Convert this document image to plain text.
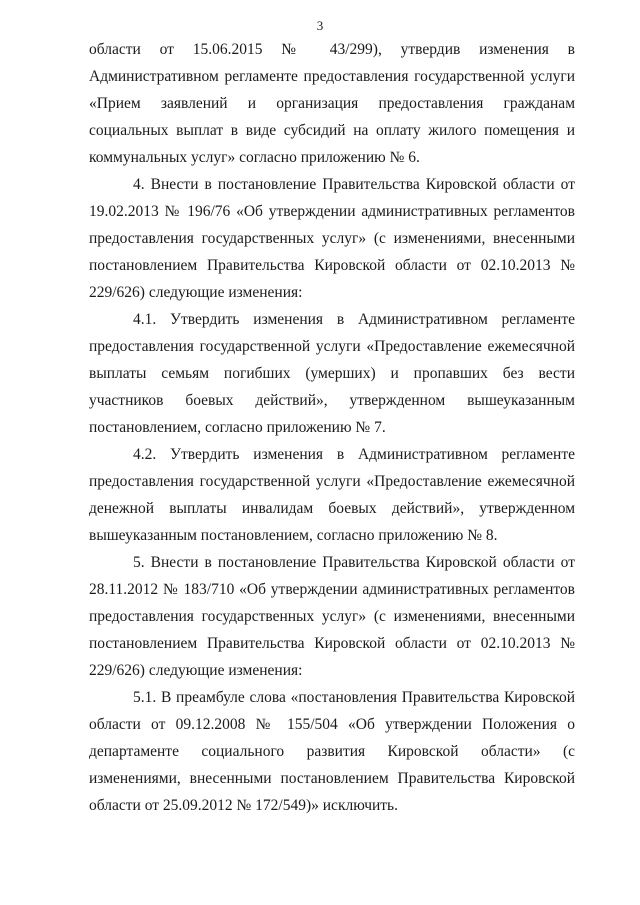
3

области от 15.06.2015 № 43/299), утвердив изменения в Административном регламенте предоставления государственной услуги «Прием заявлений и организация предоставления гражданам социальных выплат в виде субсидий на оплату жилого помещения и коммунальных услуг» согласно приложению № 6.

4. Внести в постановление Правительства Кировской области от 19.02.2013 № 196/76 «Об утверждении административных регламентов предоставления государственных услуг» (с изменениями, внесенными постановлением Правительства Кировской области от 02.10.2013 № 229/626) следующие изменения:

4.1. Утвердить изменения в Административном регламенте предоставления государственной услуги «Предоставление ежемесячной выплаты семьям погибших (умерших) и пропавших без вести участников боевых действий», утвержденном вышеуказанным постановлением, согласно приложению № 7.

4.2. Утвердить изменения в Административном регламенте предоставления государственной услуги «Предоставление ежемесячной денежной выплаты инвалидам боевых действий», утвержденном вышеуказанным постановлением, согласно приложению № 8.

5. Внести в постановление Правительства Кировской области от 28.11.2012 № 183/710 «Об утверждении административных регламентов предоставления государственных услуг» (с изменениями, внесенными постановлением Правительства Кировской области от 02.10.2013 № 229/626) следующие изменения:

5.1. В преамбуле слова «постановления Правительства Кировской области от 09.12.2008 № 155/504 «Об утверждении Положения о департаменте социального развития Кировской области» (с изменениями, внесенными постановлением Правительства Кировской области от 25.09.2012 № 172/549)» исключить.
